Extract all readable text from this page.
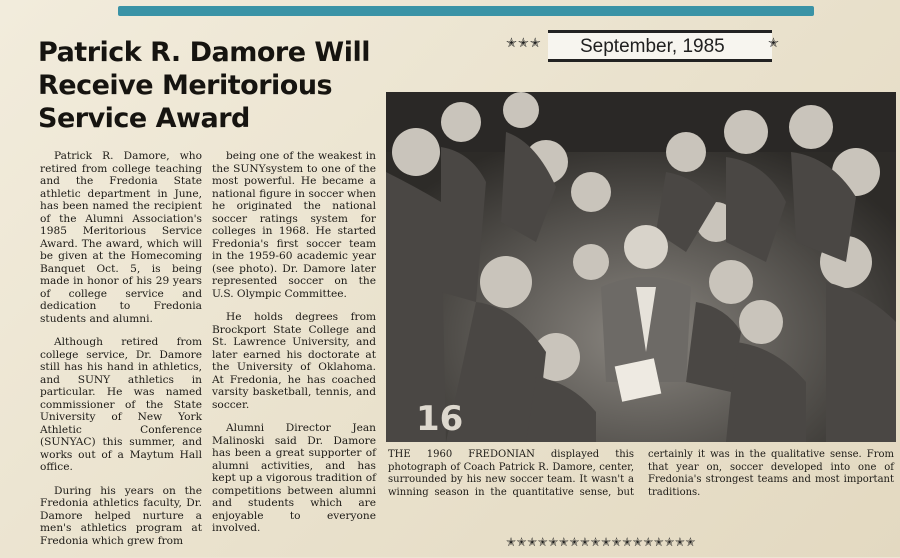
Patrick R. Damore Will Receive Meritorious Service Award
✭✭✭ September, 1985	✭

Patrick R. Damore, who retired from college teaching and the Fredonia State athletic department in June, has been named the recipient of the Alumni Association's 1985 Meritorious Service Award. The award, which will be given at the Homecoming Banquet Oct. 5, is being made in honor of his 29 years of college service and dedication to Fredonia students and alumni.

Although retired from college service, Dr. Damore still has his hand in athletics, and SUNY athletics in particular. He was named commissioner of the State University of New York Athletic Conference (SUNYAC) this summer, and works out of a Maytum Hall office.

During his years on the Fredonia athletics faculty, Dr. Damore helped nurture a men's athletics program at Fredonia which grew from

being one of the weakest in the SUNYsystem to one of the most powerful. He became a national figure in soccer when he originated the national soccer ratings system for colleges in 1968. He started Fredonia's first soccer team in the 1959-60 academic year (see photo). Dr. Damore later represented soccer on the U.S. Olympic Committee.

He holds degrees from Brockport State College and St. Lawrence University, and later earned his doctorate at the University of Oklahoma. At Fredonia, he has coached varsity basketball, tennis, and soccer.

Alumni Director Jean Malinoski said Dr. Damore has been a great supporter of alumni activities, and has kept up a vigorous tradition of competitions between alumni and students which are enjoyable to everyone involved.

16

THE 1960 FREDONIAN displayed this photograph of Coach Patrick R. Damore, center, surrounded by his new soccer team. It wasn't a winning season in the quantitative sense, but certainly it was in the qualitative sense. From that year on, soccer developed into one of Fredonia's strongest teams and most important traditions.

✭✭✭✭✭✭✭✭✭✭✭✭✭✭✭✭✭✭
